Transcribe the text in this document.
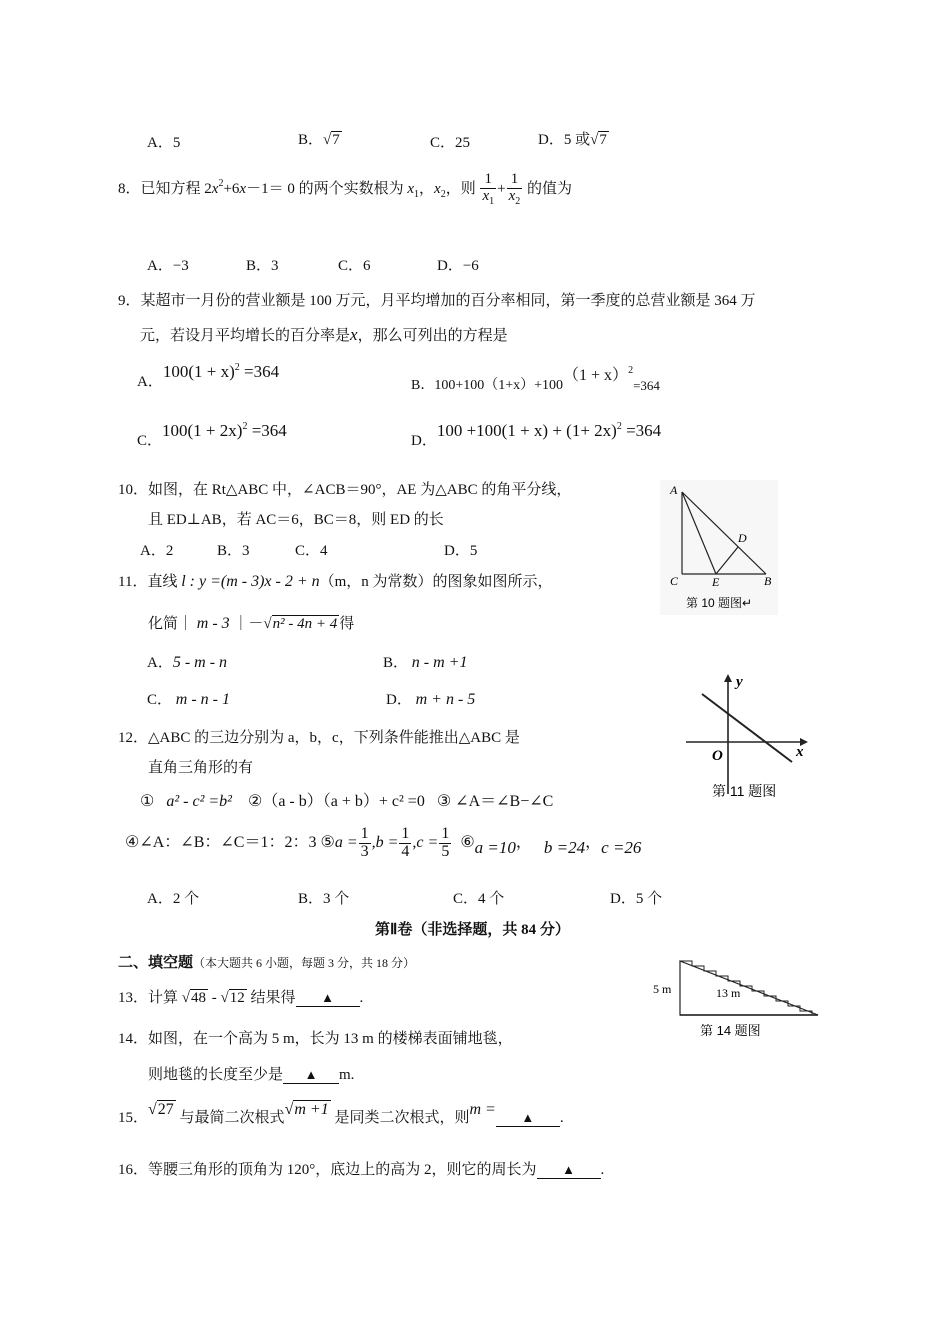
A．5	B．√7	C．25	D．5 或√7
8．已知方程 $2x^2+6x-1= 0$ 的两个实数根为 $x_1$，$x_2$，则 $\frac{1}{x_1} + \frac{1}{x_2}$ 的值为
A．−3	B．3	C．6	D．−6
9．某超市一月份的营业额是 100 万元，月平均增加的百分率相同，第一季度的总营业额是 364 万
元，若设月平均增长的百分率是x，那么可列出的方程是
A．$100(1 + x)^2 =364$
B．$100+100(1+x)+100(1 + x)^2=364$
C．$100(1 + 2x)^2 =364$
D．$100 +100(1 + x) + (1+ 2x)^2 =364$
10．如图，在 Rt△ABC 中，∠ACB＝90°，AE 为△ABC 的角平分线，
且 ED⊥AB，若 AC＝6，BC＝8，则 ED 的长
A．2	B．3	C．4	D．5
A
D
C	E	B
第 10 题图↵
11．直线 l : y =(m - 3)x - 2 + n（m，n 为常数）的图象如图所示，
化简｜ m - 3 ｜－√n² - 4n + 4 得
A．5 - m - n	B． n - m +1
C． m - n - 1	D． m + n - 5
y
O	x
第 11 题图
12．△ABC 的三边分别为 a，b，c，下列条件能推出△ABC 是
直角三角形的有
① a² - c² =b² ②（a - b）（a + b）+ c² =0 ③ ∠A＝∠B−∠C
④∠A：∠B：∠C＝1：2：3 ⑤a = $\frac{1}{3} ,b = \frac{1}{4} ,c = \frac{1}{5}$ ⑥a =10， b =24，c =26
A．2 个	B．3 个	C．4 个	D．5 个
第Ⅱ卷（非选择题，共 84 分）
二、填空题（本大题共 6 小题，每题 3 分，共 18 分）
13．计算 √48 - √12 结果得 ▲ .
14．如图，在一个高为 5 m，长为 13 m 的楼梯表面铺地毯，
则地毯的长度至少是 ▲ m.
5 m	13 m
第 14 题图
15．√27 与最简二次根式√m +1 是同类二次根式，则m = ▲ .
16．等腰三角形的顶角为 120°，底边上的高为 2，则它的周长为 ▲ .
